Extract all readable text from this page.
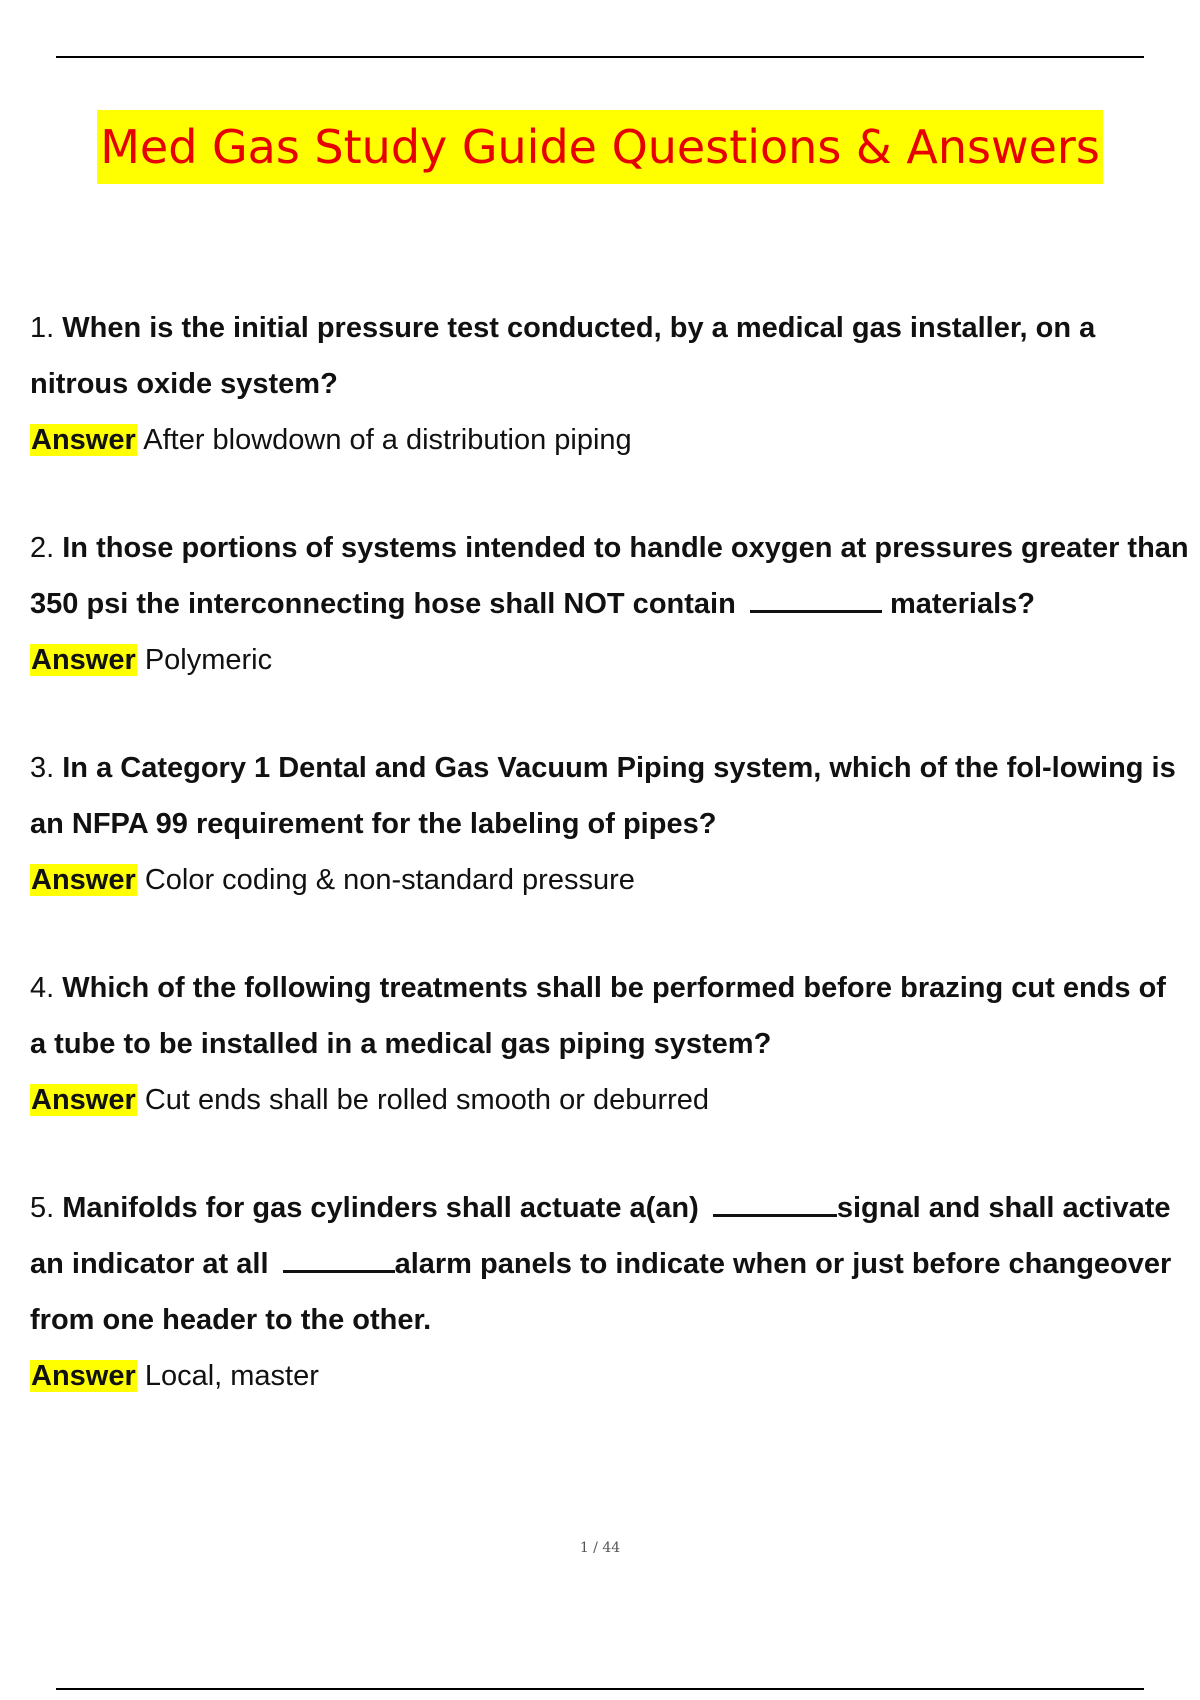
Med Gas Study Guide Questions & Answers

1. When is the initial pressure test conducted, by a medical gas installer, on a nitrous oxide system?

Answer After blowdown of a distribution piping

2. In those portions of systems intended to handle oxygen at pressures greater than 350 psi the interconnecting hose shall NOT contain	materials?

Answer Polymeric

3. In a Category 1 Dental and Gas Vacuum Piping system, which of the fol-lowing is an NFPA 99 requirement for the labeling of pipes?

Answer Color coding & non-standard pressure

4. Which of the following treatments shall be performed before brazing cut ends of a tube to be installed in a medical gas piping system?

Answer Cut ends shall be rolled smooth or deburred

5. Manifolds for gas cylinders shall actuate a(an)	signal and shall activate an indicator at all	alarm panels to indicate when or just before changeover from one header to the other.

Answer Local, master

1 / 44
